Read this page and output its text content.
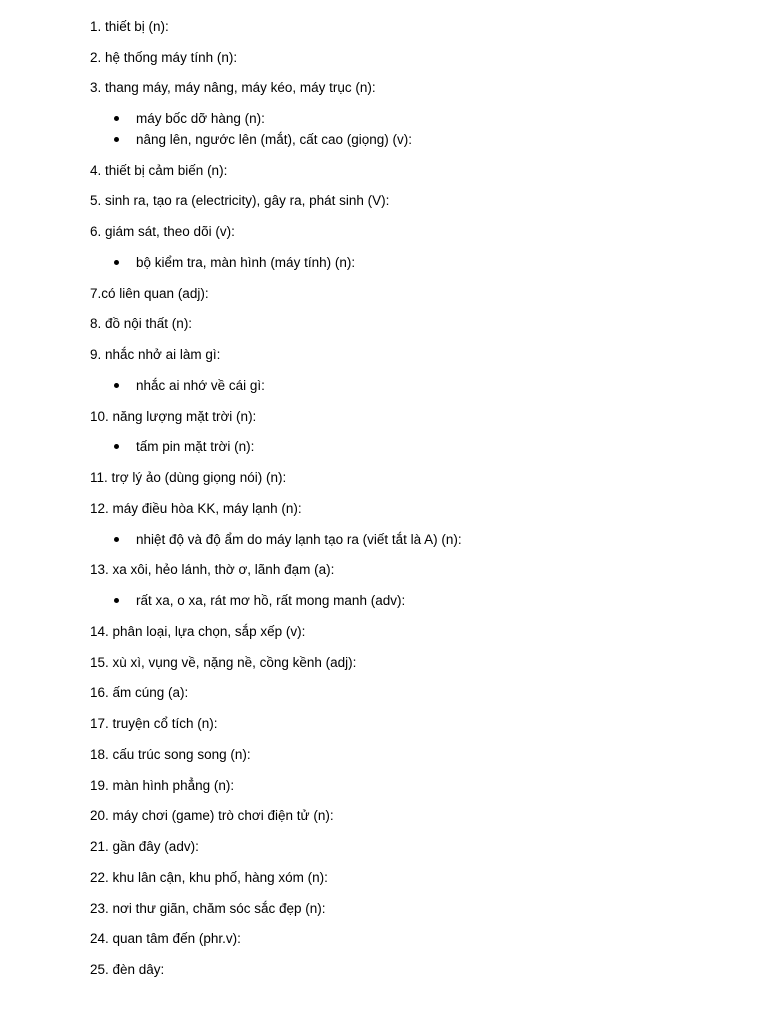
1. thiết bị (n):
2. hệ thống máy tính (n):
3. thang máy, máy nâng, máy kéo, máy trục (n):
máy bốc dỡ hàng (n):
nâng lên, ngước lên (mắt), cất cao (giọng) (v):
4. thiết bị cảm biến (n):
5. sinh ra, tạo ra (electricity), gây ra, phát sinh (V):
6. giám sát, theo dõi (v):
bộ kiểm tra, màn hình (máy tính) (n):
7.có liên quan (adj):
8. đồ nội thất (n):
9. nhắc nhở ai làm gì:
nhắc ai nhớ về cái gì:
10. năng lượng mặt trời (n):
tấm pin mặt trời (n):
11. trợ lý ảo (dùng giọng nói) (n):
12. máy điều hòa KK, máy lạnh (n):
nhiệt độ và độ ẩm do máy lạnh tạo ra (viết tắt là A) (n):
13. xa xôi, hẻo lánh, thờ ơ, lãnh đạm (a):
rất xa, o xa, rát mơ hồ, rất mong manh (adv):
14. phân loại, lựa chọn, sắp xếp (v):
15. xù xì, vụng về, nặng nề, cồng kềnh (adj):
16. ấm cúng (a):
17. truyện cổ tích (n):
18. cấu trúc song song (n):
19. màn hình phẳng (n):
20. máy chơi (game) trò chơi điện tử (n):
21. gần đây (adv):
22. khu lân cận, khu phố, hàng xóm (n):
23. nơi thư giãn, chăm sóc sắc đẹp (n):
24. quan tâm đến (phr.v):
25. đèn dây:
